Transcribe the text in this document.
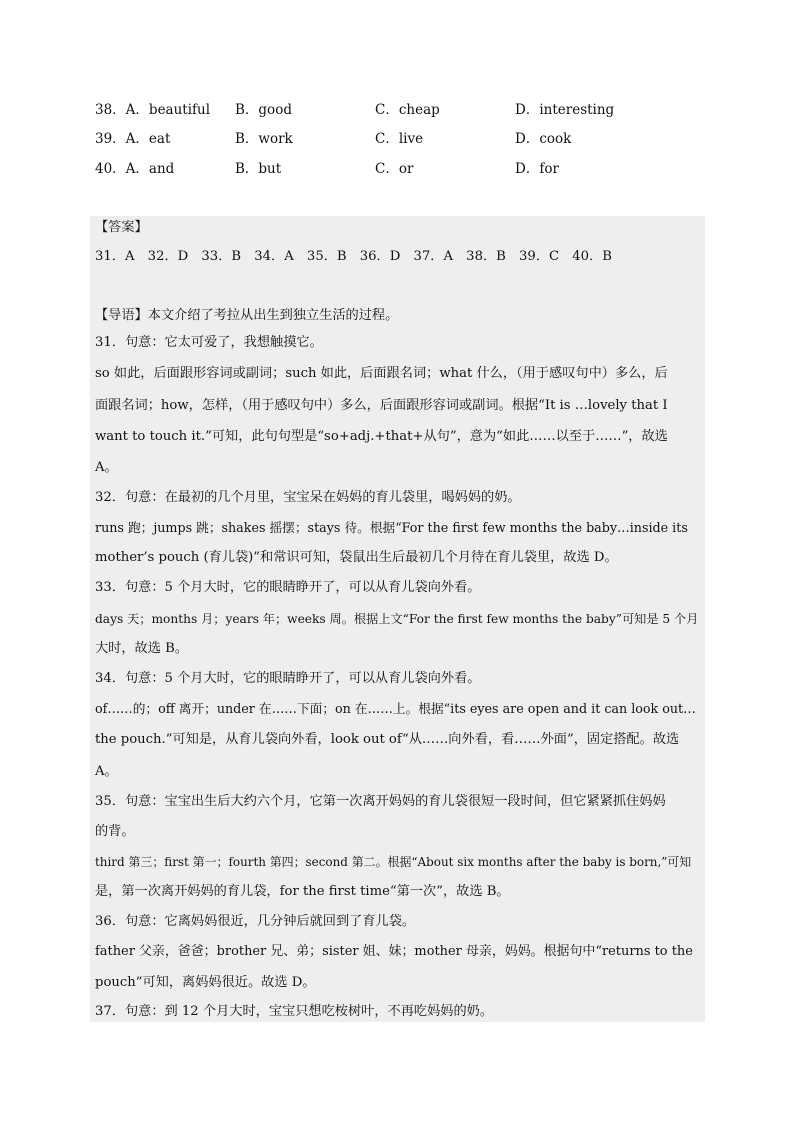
38．A．beautiful B．good	C．cheap	D．interesting
39．A．eat	B．work	C．live	D．cook
40．A．and	B．but	C．or	D．for
【答案】
31．A　32．D　33．B　34．A　35．B　36．D　37．A　38．B　39．C　40．B
【导语】本文介绍了考拉从出生到独立生活的过程。
31．句意：它太可爱了，我想触摸它。
so 如此，后面跟形容词或副词；such 如此，后面跟名词；what 什么，（用于感叹句中）多么，后
面跟名词；how，怎样，（用于感叹句中）多么，后面跟形容词或副词。根据“It is …lovely that I
want to touch it.”可知，此句句型是“so+adj.+that+从句”，意为“如此……以至于……”，故选
A。
32．句意：在最初的几个月里，宝宝呆在妈妈的育儿袋里，喝妈妈的奶。
runs 跑；jumps 跳；shakes 摇摆；stays 待。根据“For the first few months the baby…inside its
mother’s pouch (育儿袋)”和常识可知，袋鼠出生后最初几个月待在育儿袋里，故选 D。
33．句意：5 个月大时，它的眼睛睁开了，可以从育儿袋向外看。
days 天；months 月；years 年；weeks 周。根据上文“For the first few months the baby”可知是 5 个月
大时，故选 B。
34．句意：5 个月大时，它的眼睛睁开了，可以从育儿袋向外看。
of……的；off 离开；under 在……下面；on 在……上。根据“its eyes are open and it can look out…
the pouch.”可知是，从育儿袋向外看，look out of“从……向外看，看……外面”，固定搭配。故选
A。
35．句意：宝宝出生后大约六个月，它第一次离开妈妈的育儿袋很短一段时间，但它紧紧抓住妈妈
的背。
third 第三；first 第一；fourth 第四；second 第二。根据“About six months after the baby is born,”可知
是，第一次离开妈妈的育儿袋，for the first time“第一次”，故选 B。
36．句意：它离妈妈很近，几分钟后就回到了育儿袋。
father 父亲，爸爸；brother 兄、弟；sister 姐、妹；mother 母亲，妈妈。根据句中“returns to the
pouch”可知，离妈妈很近。故选 D。
37．句意：到 12 个月大时，宝宝只想吃桉树叶，不再吃妈妈的奶。
